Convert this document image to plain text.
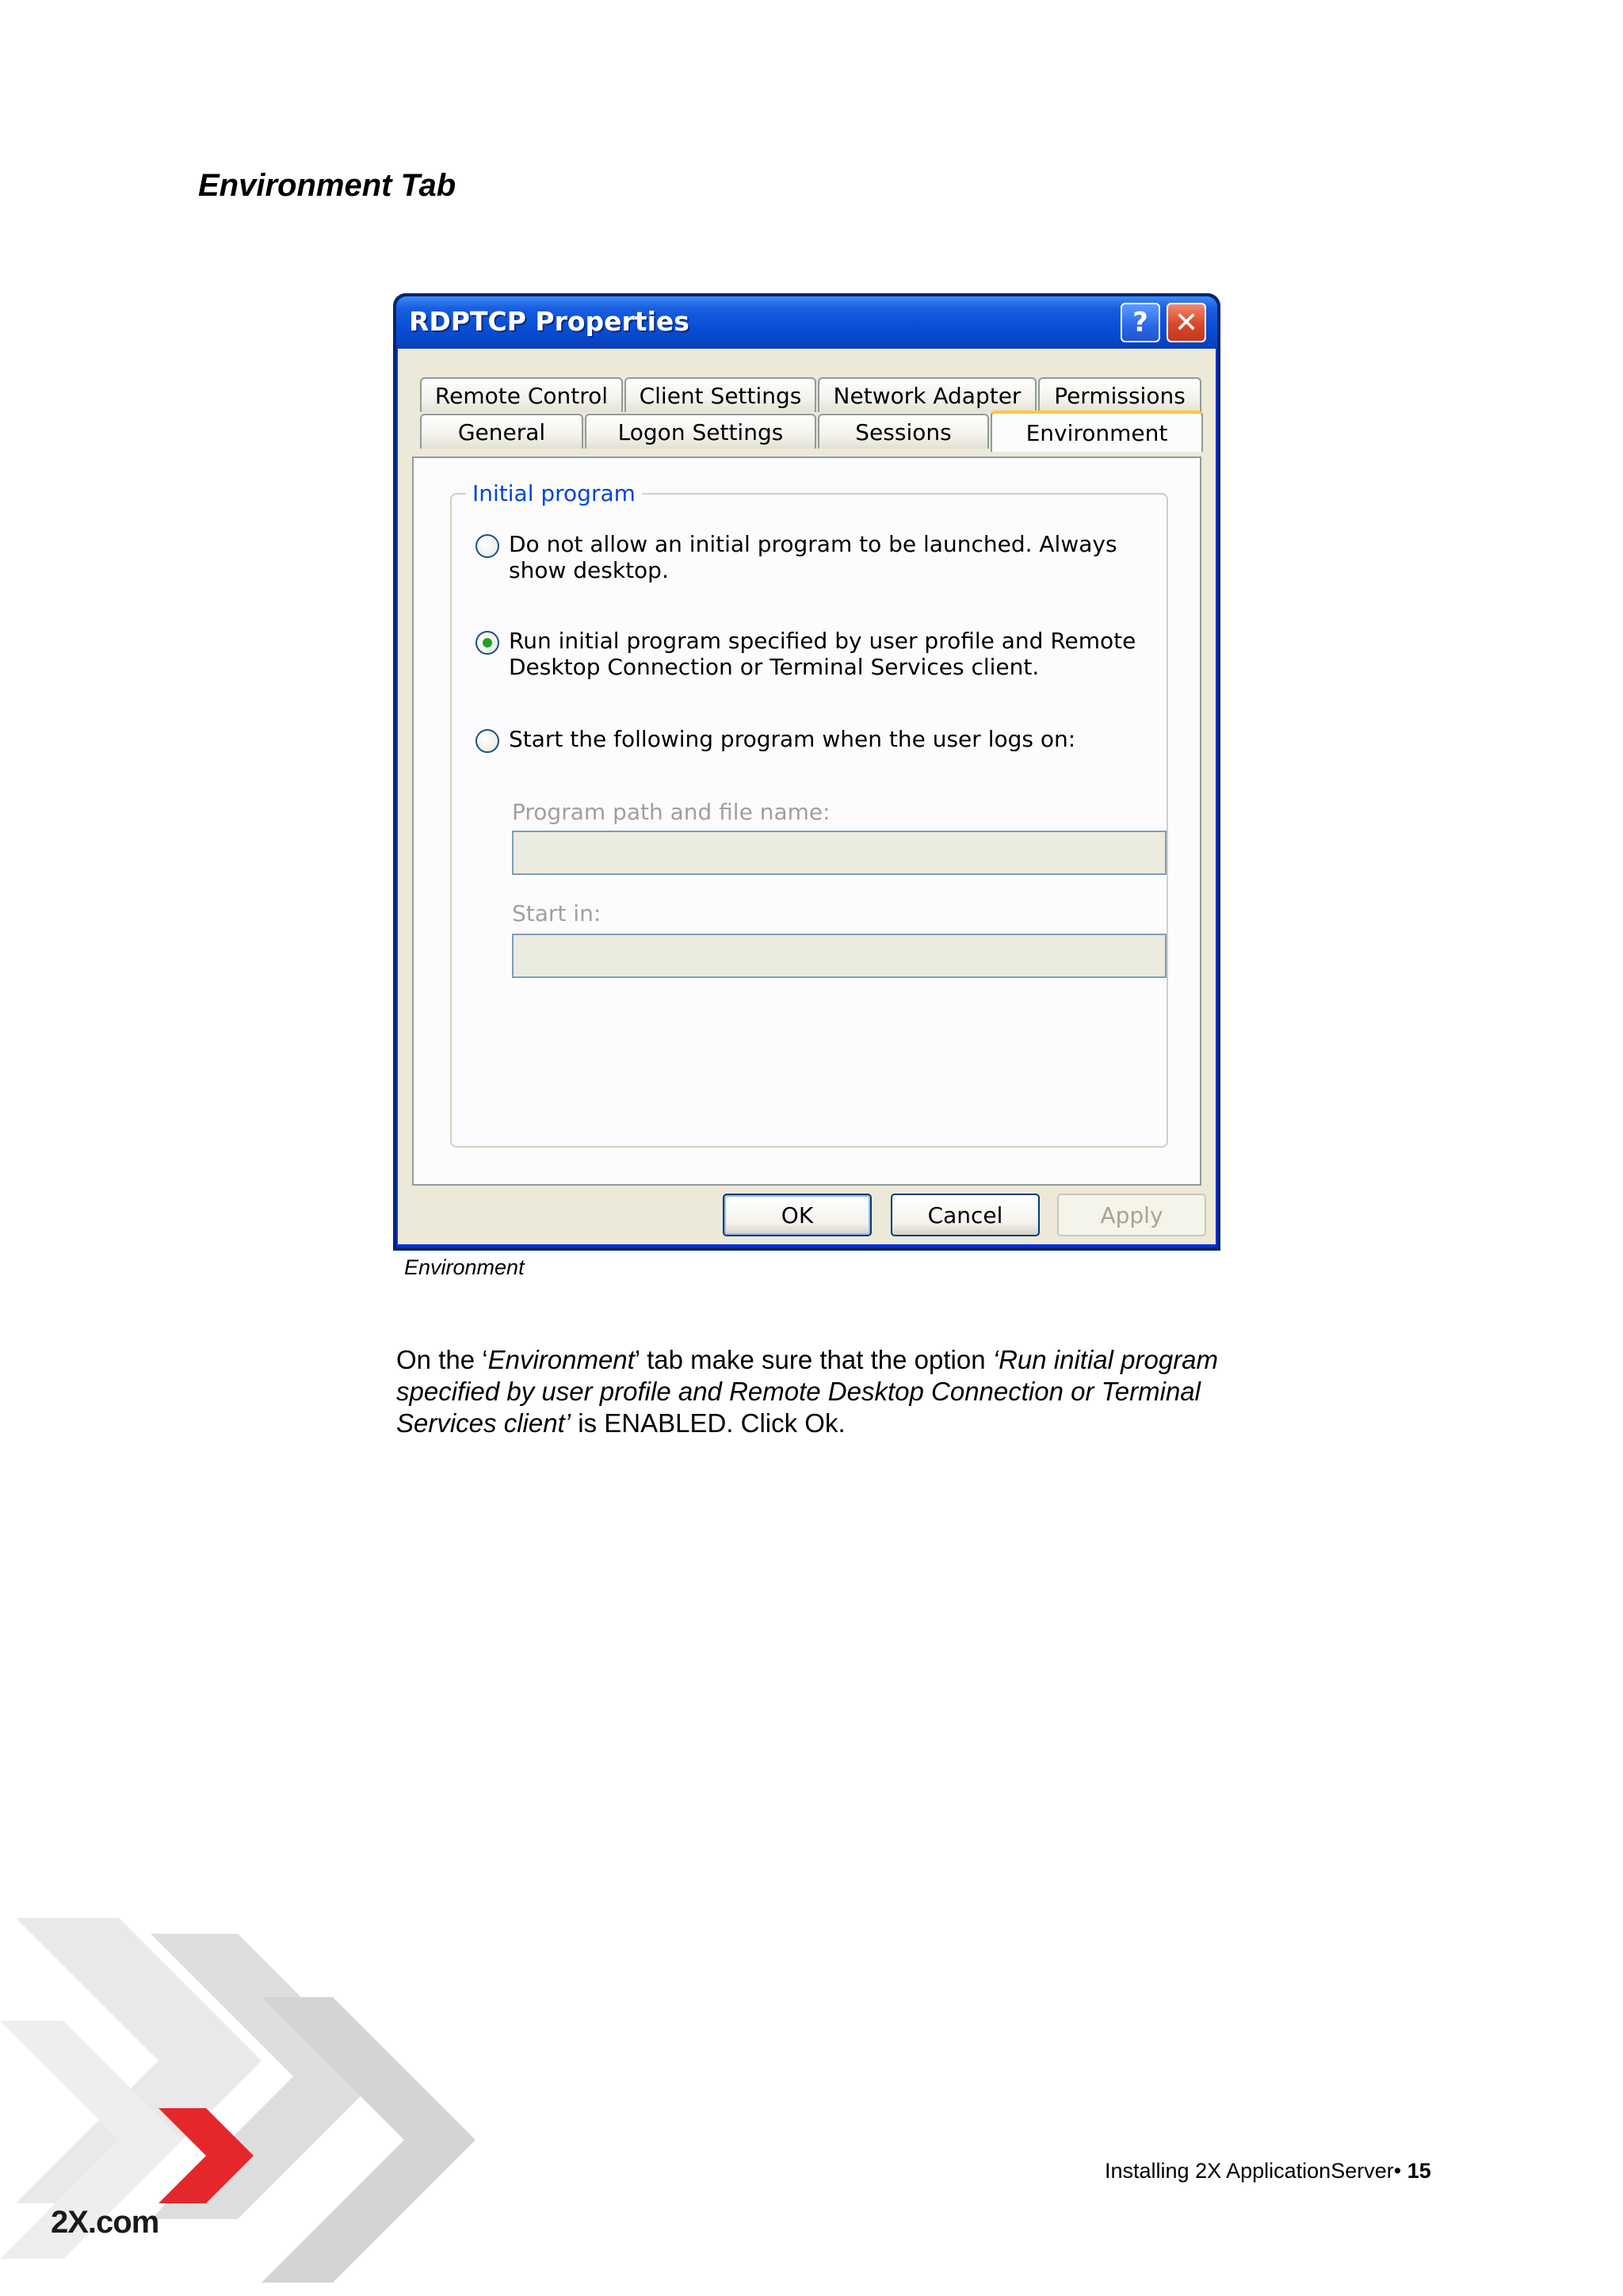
Environment Tab
RDPTCP Properties	? ✕
Remote Control	Client Settings	Network Adapter	Permissions
General	Logon Settings	Sessions	Environment
Initial program
Do not allow an initial program to be launched. Always show desktop.
Run initial program specified by user profile and Remote Desktop Connection or Terminal Services client.
Start the following program when the user logs on:
Program path and file name:
Start in:
OK	Cancel	Apply
Environment
On the ‘Environment’ tab make sure that the option ‘Run initial program specified by user profile and Remote Desktop Connection or Terminal Services client’ is ENABLED. Click Ok.
2X.com
Installing 2X ApplicationServer• 15
